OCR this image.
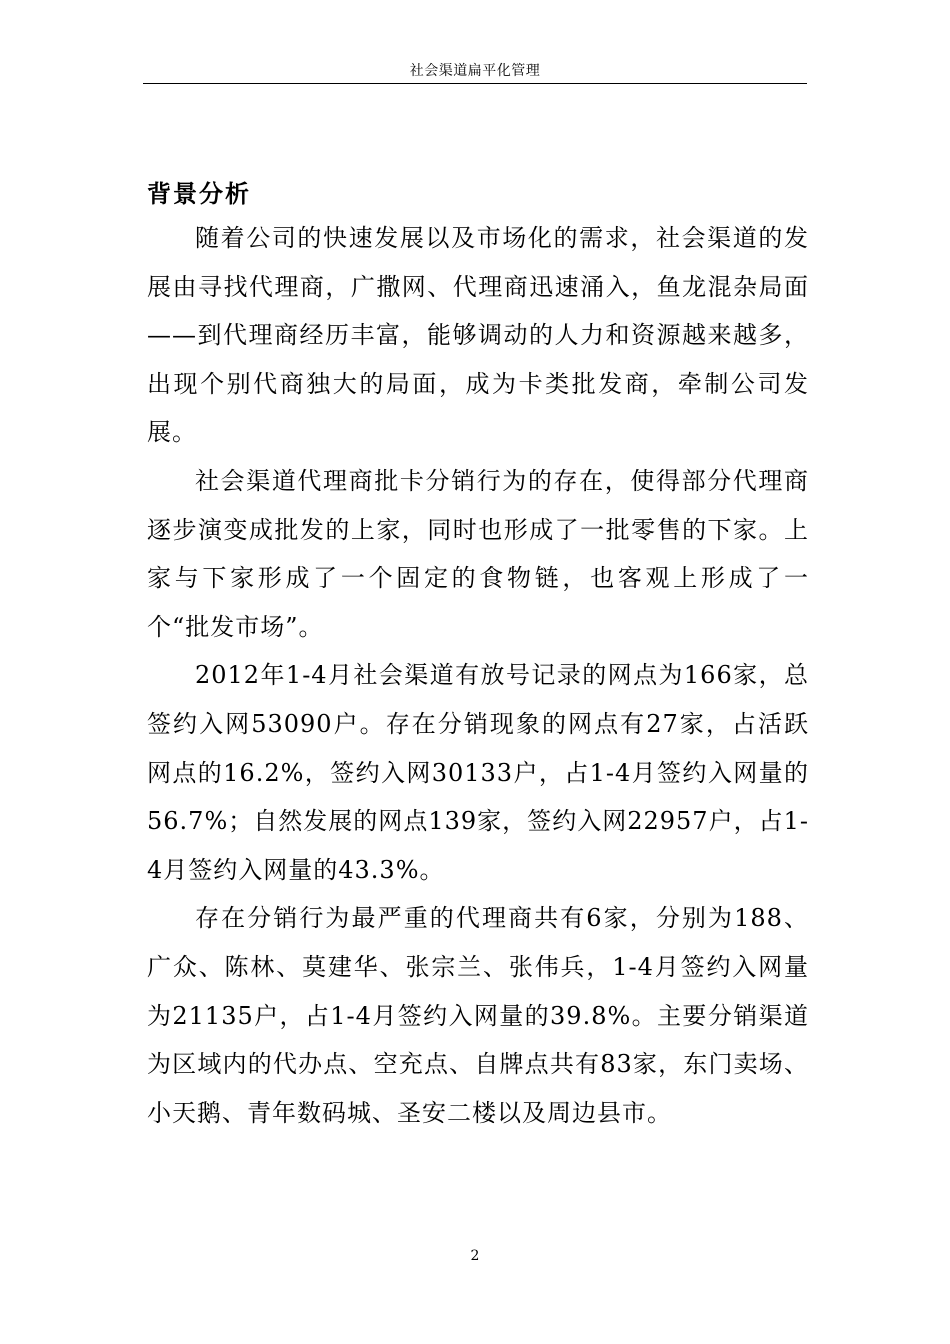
社会渠道扁平化管理
背景分析

随着公司的快速发展以及市场化的需求，社会渠道的发展由寻找代理商，广撒网、代理商迅速涌入，鱼龙混杂局面——到代理商经历丰富，能够调动的人力和资源越来越多，出现个别代商独大的局面，成为卡类批发商，牵制公司发展。

社会渠道代理商批卡分销行为的存在，使得部分代理商逐步演变成批发的上家，同时也形成了一批零售的下家。上家与下家形成了一个固定的食物链，也客观上形成了一个“批发市场”。

2012年1-4月社会渠道有放号记录的网点为166家，总签约入网53090户。存在分销现象的网点有27家，占活跃网点的16.2%，签约入网30133户，占1-4月签约入网量的56.7%；自然发展的网点139家，签约入网22957户，占1-4月签约入网量的43.3%。

存在分销行为最严重的代理商共有6家，分别为188、广众、陈林、莫建华、张宗兰、张伟兵，1-4月签约入网量为21135户，占1-4月签约入网量的39.8%。主要分销渠道为区域内的代办点、空充点、自牌点共有83家，东门卖场、小天鹅、青年数码城、圣安二楼以及周边县市。

2
